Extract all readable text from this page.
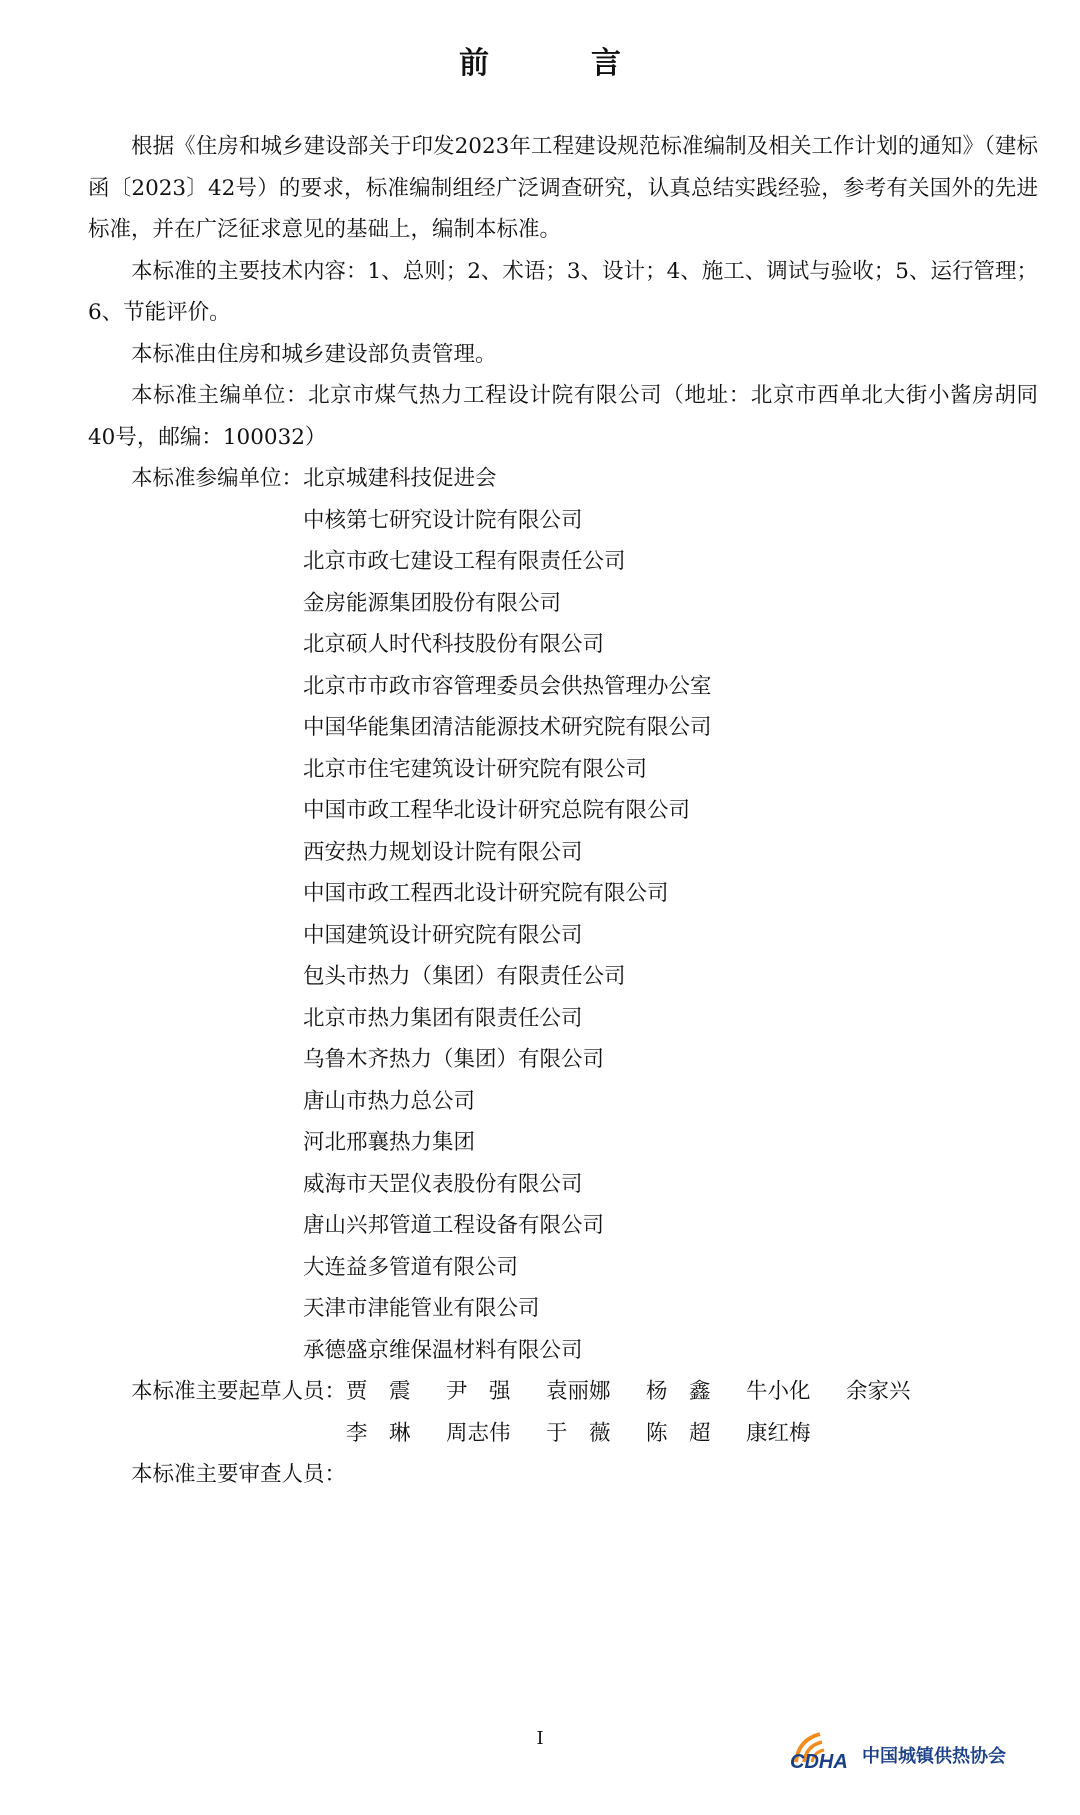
前　言

根据《住房和城乡建设部关于印发2023年工程建设规范标准编制及相关工作计划的通知》（建标函〔2023〕42号）的要求，标准编制组经广泛调查研究，认真总结实践经验，参考有关国外的先进标准，并在广泛征求意见的基础上，编制本标准。

本标准的主要技术内容：1、总则；2、术语；3、设计；4、施工、调试与验收；5、运行管理；6、节能评价。

本标准由住房和城乡建设部负责管理。

本标准主编单位：北京市煤气热力工程设计院有限公司（地址：北京市西单北大街小酱房胡同40号，邮编：100032）

本标准参编单位： 北京城建科技促进会
中核第七研究设计院有限公司
北京市政七建设工程有限责任公司
金房能源集团股份有限公司
北京硕人时代科技股份有限公司
北京市市政市容管理委员会供热管理办公室
中国华能集团清洁能源技术研究院有限公司
北京市住宅建筑设计研究院有限公司
中国市政工程华北设计研究总院有限公司
西安热力规划设计院有限公司
中国市政工程西北设计研究院有限公司
中国建筑设计研究院有限公司
包头市热力（集团）有限责任公司
北京市热力集团有限责任公司
乌鲁木齐热力（集团）有限公司
唐山市热力总公司
河北邢襄热力集团
威海市天罡仪表股份有限公司
唐山兴邦管道工程设备有限公司
大连益多管道有限公司
天津市津能管业有限公司
承德盛京维保温材料有限公司
本标准主要起草人员： 贾　震	尹　强	袁丽娜	杨　鑫	牛小化	余家兴
李　琳	周志伟	于　薇	陈　超	康红梅

本标准主要审查人员：

I
CDHA 中国城镇供热协会
